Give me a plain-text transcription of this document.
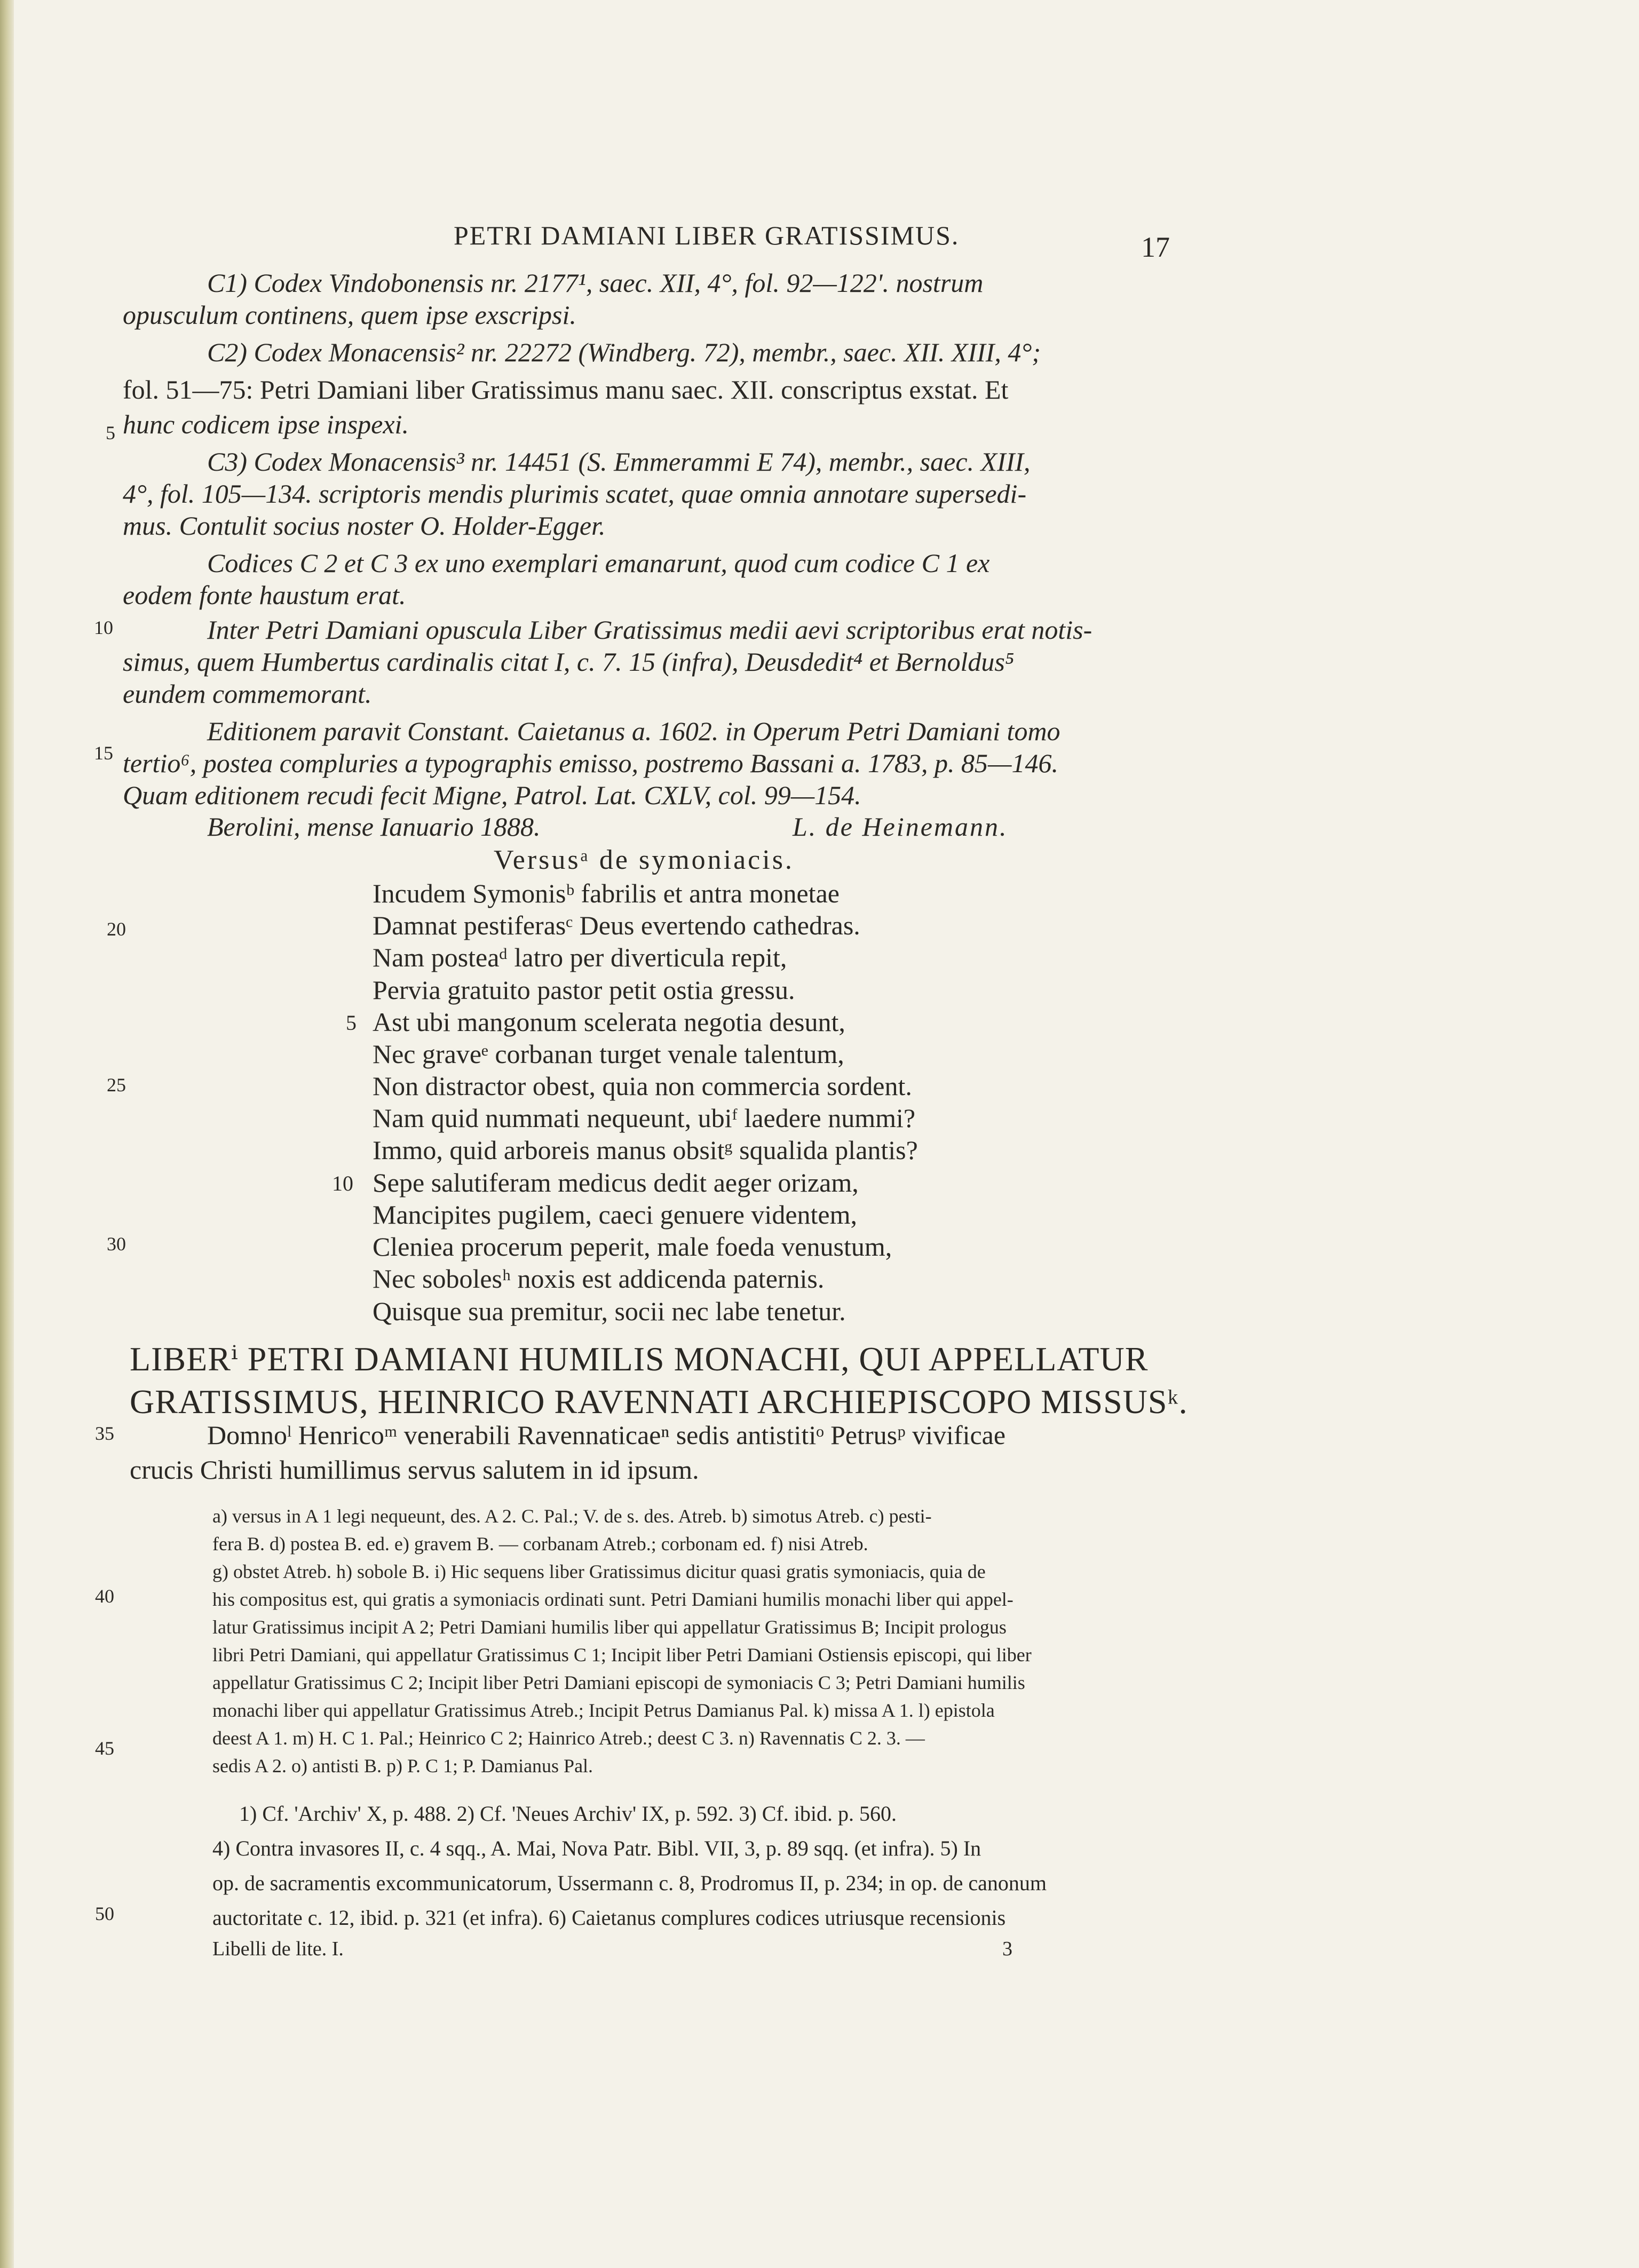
PETRI DAMIANI LIBER GRATISSIMUS.	17
5
10
15
20
25
30
35
40
45
50
C1) Codex Vindobonensis nr. 2177¹, saec. XII, 4°, fol. 92—122'. nostrum
opusculum continens, quem ipse exscripsi.
C2) Codex Monacensis² nr. 22272 (Windberg. 72), membr., saec. XII. XIII, 4°;
fol. 51—75: Petri Damiani liber Gratissimus manu saec. XII. conscriptus exstat. Et
hunc codicem ipse inspexi.
C3) Codex Monacensis³ nr. 14451 (S. Emmerammi E 74), membr., saec. XIII,
4°, fol. 105—134. scriptoris mendis plurimis scatet, quae omnia annotare supersedi-
mus. Contulit socius noster O. Holder-Egger.
Codices C 2 et C 3 ex uno exemplari emanarunt, quod cum codice C 1 ex
eodem fonte haustum erat.
Inter Petri Damiani opuscula Liber Gratissimus medii aevi scriptoribus erat notis-
simus, quem Humbertus cardinalis citat I, c. 7. 15 (infra), Deusdedit⁴ et Bernoldus⁵
eundem commemorant.
Editionem paravit Constant. Caietanus a. 1602. in Operum Petri Damiani tomo
tertio⁶, postea compluries a typographis emisso, postremo Bassani a. 1783, p. 85—146.
Quam editionem recudi fecit Migne, Patrol. Lat. CXLV, col. 99—154.
Berolini, mense Ianuario 1888.	L. de Heinemann.
Versusᵃ de symoniacis.
5
10
Incudem Symonisᵇ fabrilis et antra monetae
Damnat pestiferasᶜ Deus evertendo cathedras.
Nam posteaᵈ latro per diverticula repit,
Pervia gratuito pastor petit ostia gressu.
Ast ubi mangonum scelerata negotia desunt,
Nec graveᵉ corbanan turget venale talentum,
Non distractor obest, quia non commercia sordent.
Nam quid nummati nequeunt, ubiᶠ laedere nummi?
Immo, quid arboreis manus obsitᵍ squalida plantis?
Sepe salutiferam medicus dedit aeger orizam,
Mancipites pugilem, caeci genuere videntem,
Cleniea procerum peperit, male foeda venustum,
Nec sobolesʰ noxis est addicenda paternis.
Quisque sua premitur, socii nec labe tenetur.
LIBERⁱ PETRI DAMIANI HUMILIS MONACHI, QUI APPELLATUR
GRATISSIMUS, HEINRICO RAVENNATI ARCHIEPISCOPO MISSUSᵏ.
Domnoˡ Henricoᵐ venerabili Ravennaticaeⁿ sedis antistitiᵒ Petrusᵖ vivificae
crucis Christi humillimus servus salutem in id ipsum.
a) versus in A 1 legi nequeunt, des. A 2. C. Pal.; V. de s. des. Atreb. b) simotus Atreb. c) pesti-
fera B. d) postea B. ed. e) gravem B. — corbanam Atreb.; corbonam ed. f) nisi Atreb.
g) obstet Atreb. h) sobole B. i) Hic sequens liber Gratissimus dicitur quasi gratis symoniacis, quia de
his compositus est, qui gratis a symoniacis ordinati sunt. Petri Damiani humilis monachi liber qui appel-
latur Gratissimus incipit A 2; Petri Damiani humilis liber qui appellatur Gratissimus B; Incipit prologus
libri Petri Damiani, qui appellatur Gratissimus C 1; Incipit liber Petri Damiani Ostiensis episcopi, qui liber
appellatur Gratissimus C 2; Incipit liber Petri Damiani episcopi de symoniacis C 3; Petri Damiani humilis
monachi liber qui appellatur Gratissimus Atreb.; Incipit Petrus Damianus Pal. k) missa A 1. l) epistola
deest A 1. m) H. C 1. Pal.; Heinrico C 2; Hainrico Atreb.; deest C 3. n) Ravennatis C 2. 3. —
sedis A 2. o) antisti B. p) P. C 1; P. Damianus Pal.
1) Cf. 'Archiv' X, p. 488. 2) Cf. 'Neues Archiv' IX, p. 592. 3) Cf. ibid. p. 560.
4) Contra invasores II, c. 4 sqq., A. Mai, Nova Patr. Bibl. VII, 3, p. 89 sqq. (et infra). 5) In
op. de sacramentis excommunicatorum, Ussermann c. 8, Prodromus II, p. 234; in op. de canonum
auctoritate c. 12, ibid. p. 321 (et infra). 6) Caietanus complures codices utriusque recensionis
Libelli de lite. I.	3
